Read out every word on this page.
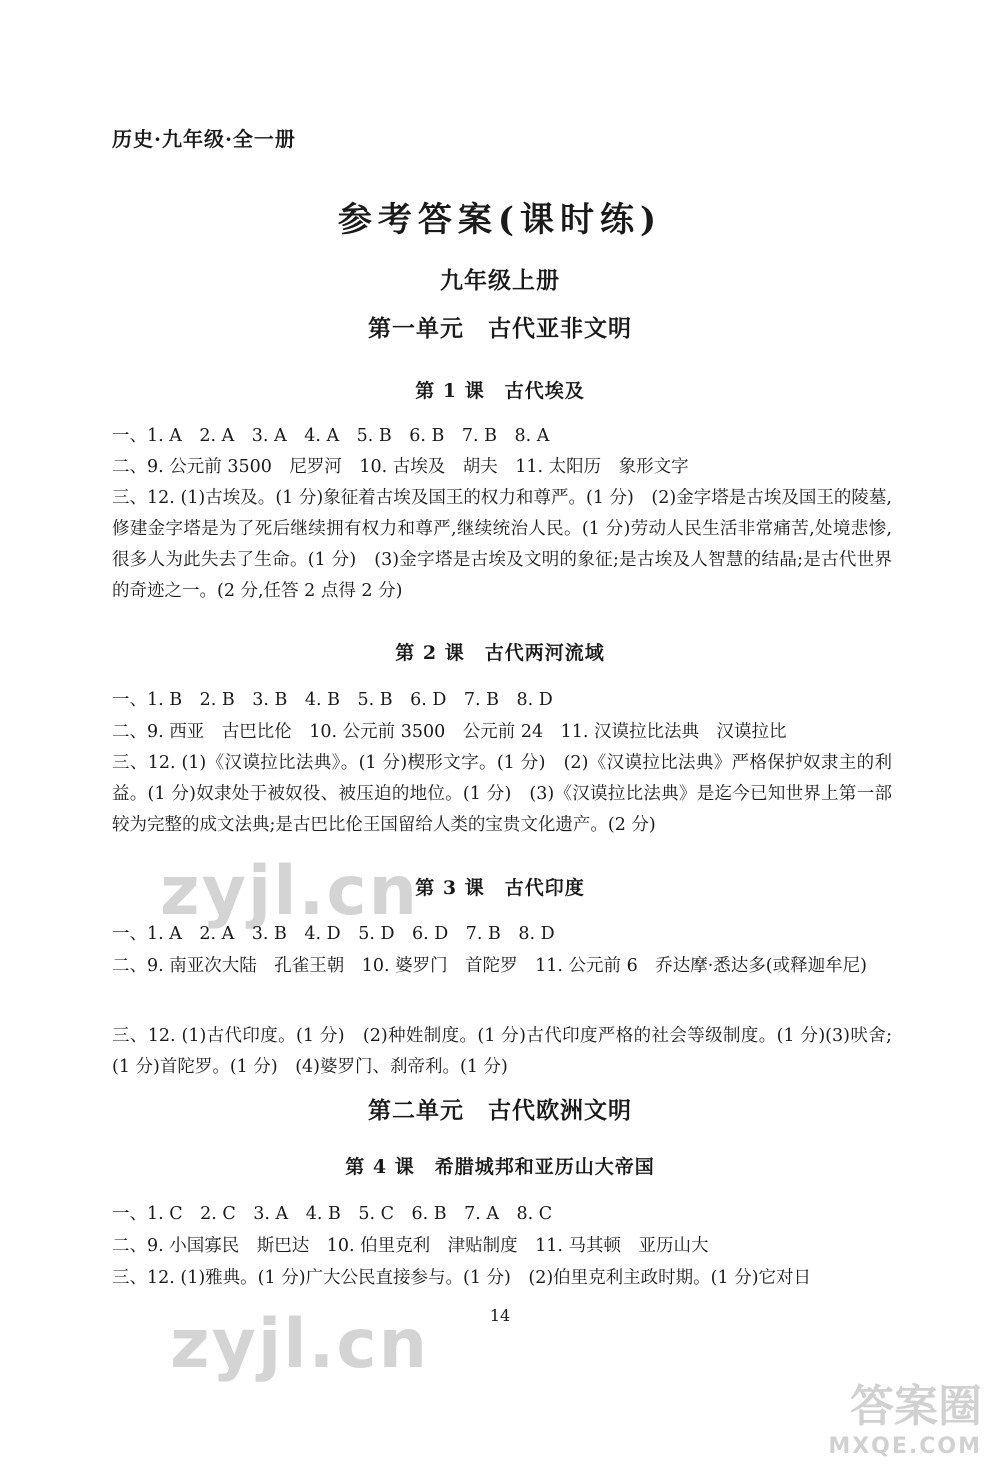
历史·九年级·全一册
参考答案(课时练)
九年级上册
第一单元　古代亚非文明
第 1 课　古代埃及
一、1. A　2. A　3. A　4. A　5. B　6. B　7. B　8. A
二、9. 公元前 3500　尼罗河　10. 古埃及　胡夫　11. 太阳历　象形文字
三、12. (1)古埃及。(1 分)象征着古埃及国王的权力和尊严。(1 分)　(2)金字塔是古埃及国王的陵墓,修建金字塔是为了死后继续拥有权力和尊严,继续统治人民。(1 分)劳动人民生活非常痛苦,处境悲惨,很多人为此失去了生命。(1 分)　(3)金字塔是古埃及文明的象征;是古埃及人智慧的结晶;是古代世界的奇迹之一。(2 分,任答 2 点得 2 分)
第 2 课　古代两河流域
一、1. B　2. B　3. B　4. B　5. B　6. D　7. B　8. D
二、9. 西亚　古巴比伦　10. 公元前 3500　公元前 24　11. 汉谟拉比法典　汉谟拉比
三、12. (1)《汉谟拉比法典》。(1 分)楔形文字。(1 分)　(2)《汉谟拉比法典》严格保护奴隶主的利益。(1 分)奴隶处于被奴役、被压迫的地位。(1 分)　(3)《汉谟拉比法典》是迄今已知世界上第一部较为完整的成文法典;是古巴比伦王国留给人类的宝贵文化遗产。(2 分)
第 3 课　古代印度
一、1. A　2. A　3. B　4. D　5. D　6. D　7. B　8. D
二、9. 南亚次大陆　孔雀王朝　10. 婆罗门　首陀罗　11. 公元前 6　乔达摩·悉达多(或释迦牟尼)
三、12. (1)古代印度。(1 分)　(2)种姓制度。(1 分)古代印度严格的社会等级制度。(1 分)(3)吠舍;(1 分)首陀罗。(1 分)　(4)婆罗门、刹帝利。(1 分)
第二单元　古代欧洲文明
第 4 课　希腊城邦和亚历山大帝国
一、1. C　2. C　3. A　4. B　5. C　6. B　7. A　8. C
二、9. 小国寡民　斯巴达　10. 伯里克利　津贴制度　11. 马其顿　亚历山大
三、12. (1)雅典。(1 分)广大公民直接参与。(1 分)　(2)伯里克利主政时期。(1 分)它对日
14
zyjl.cn
zyjl.cn
答案圈
MXQE.COM
